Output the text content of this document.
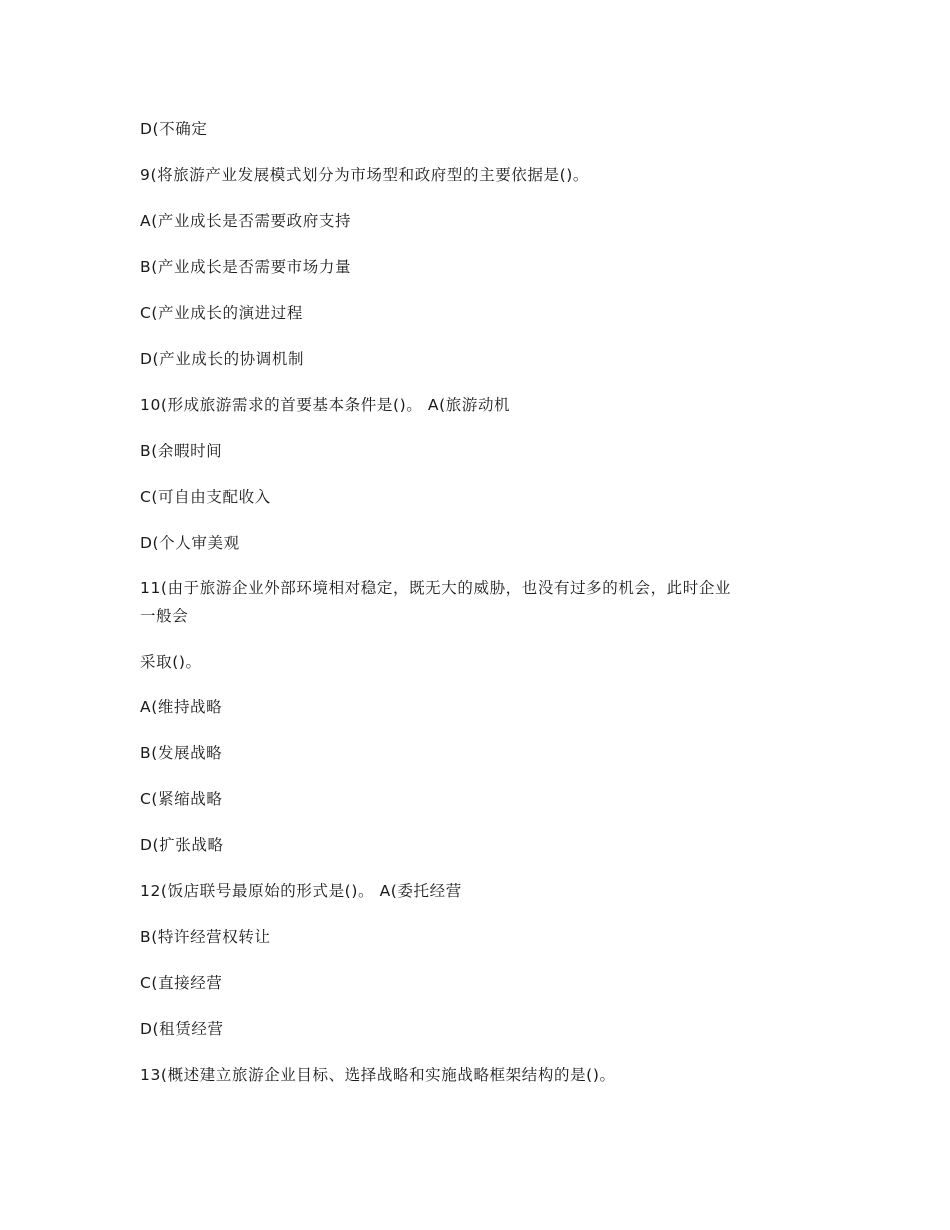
D(不确定
9(将旅游产业发展模式划分为市场型和政府型的主要依据是()。
A(产业成长是否需要政府支持
B(产业成长是否需要市场力量
C(产业成长的演进过程
D(产业成长的协调机制
10(形成旅游需求的首要基本条件是()。 A(旅游动机
B(余暇时间
C(可自由支配收入
D(个人审美观
11(由于旅游企业外部环境相对稳定，既无大的威胁，也没有过多的机会，此时企业
一般会
采取()。
A(维持战略
B(发展战略
C(紧缩战略
D(扩张战略
12(饭店联号最原始的形式是()。 A(委托经营
B(特许经营权转让
C(直接经营
D(租赁经营
13(概述建立旅游企业目标、选择战略和实施战略框架结构的是()。
